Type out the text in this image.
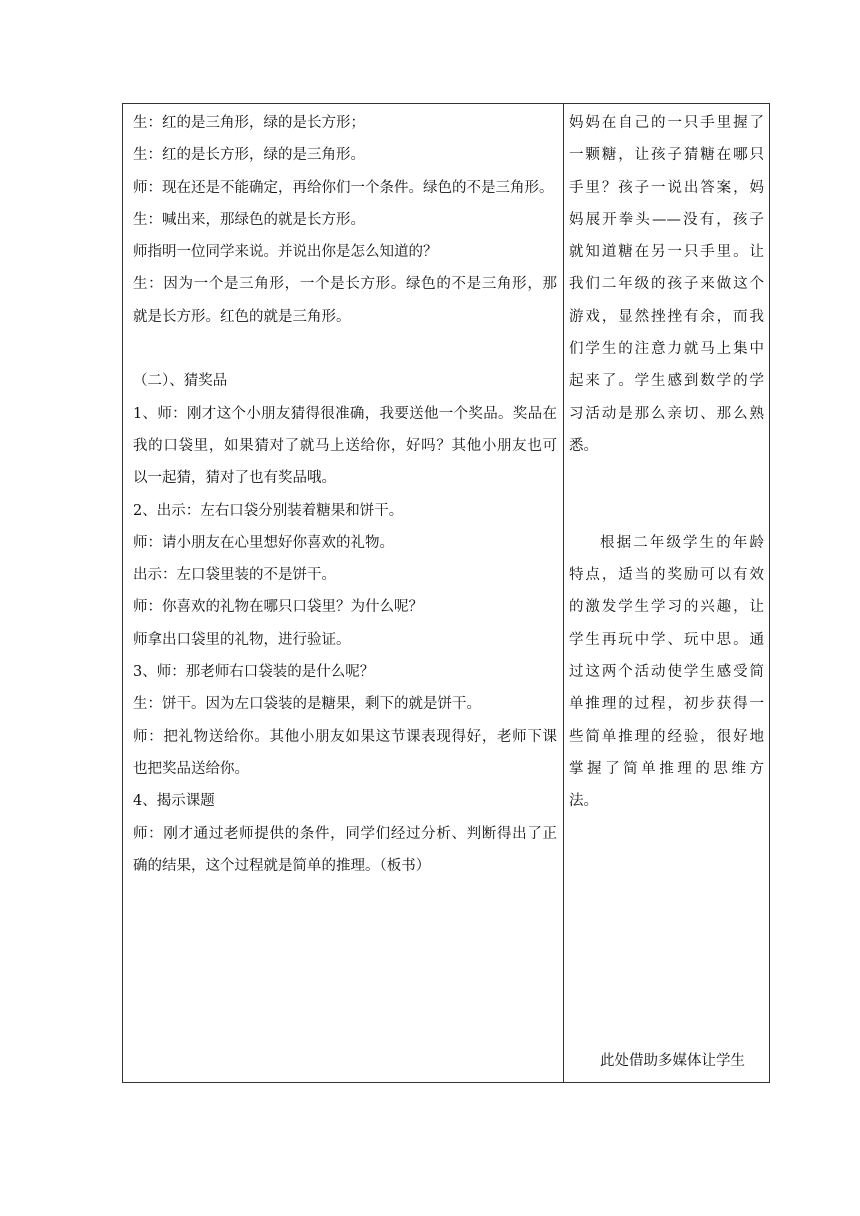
生：红的是三角形，绿的是长方形；
生：红的是长方形，绿的是三角形。
师：现在还是不能确定，再给你们一个条件。绿色的不是三角形。
生：喊出来，那绿色的就是长方形。
师指明一位同学来说。并说出你是怎么知道的？
生：因为一个是三角形，一个是长方形。绿色的不是三角形，那
就是长方形。红色的就是三角形。
（二）、猜奖品
1、师：刚才这个小朋友猜得很准确，我要送他一个奖品。奖品在
我的口袋里，如果猜对了就马上送给你，好吗？其他小朋友也可
以一起猜，猜对了也有奖品哦。
2、出示：左右口袋分别装着糖果和饼干。
师：请小朋友在心里想好你喜欢的礼物。
出示：左口袋里装的不是饼干。
师：你喜欢的礼物在哪只口袋里？为什么呢？
师拿出口袋里的礼物，进行验证。
3、师：那老师右口袋装的是什么呢？
生：饼干。因为左口袋装的是糖果，剩下的就是饼干。
师：把礼物送给你。其他小朋友如果这节课表现得好，老师下课
也把奖品送给你。
4、揭示课题
师：刚才通过老师提供的条件，同学们经过分析、判断得出了正
确的结果，这个过程就是简单的推理。（板书）
妈妈在自己的一只手里握了
一颗糖，让孩子猜糖在哪只
手里？孩子一说出答案，妈
妈展开拳头——没有，孩子
就知道糖在另一只手里。让
我们二年级的孩子来做这个
游戏，显然挫挫有余，而我
们学生的注意力就马上集中
起来了。学生感到数学的学
习活动是那么亲切、那么熟
悉。
根据二年级学生的年龄
特点，适当的奖励可以有效
的激发学生学习的兴趣，让
学生再玩中学、玩中思。通
过这两个活动使学生感受简
单推理的过程，初步获得一
些简单推理的经验，很好地
掌握了简单推理的思维方
法。
此处借助多媒体让学生
